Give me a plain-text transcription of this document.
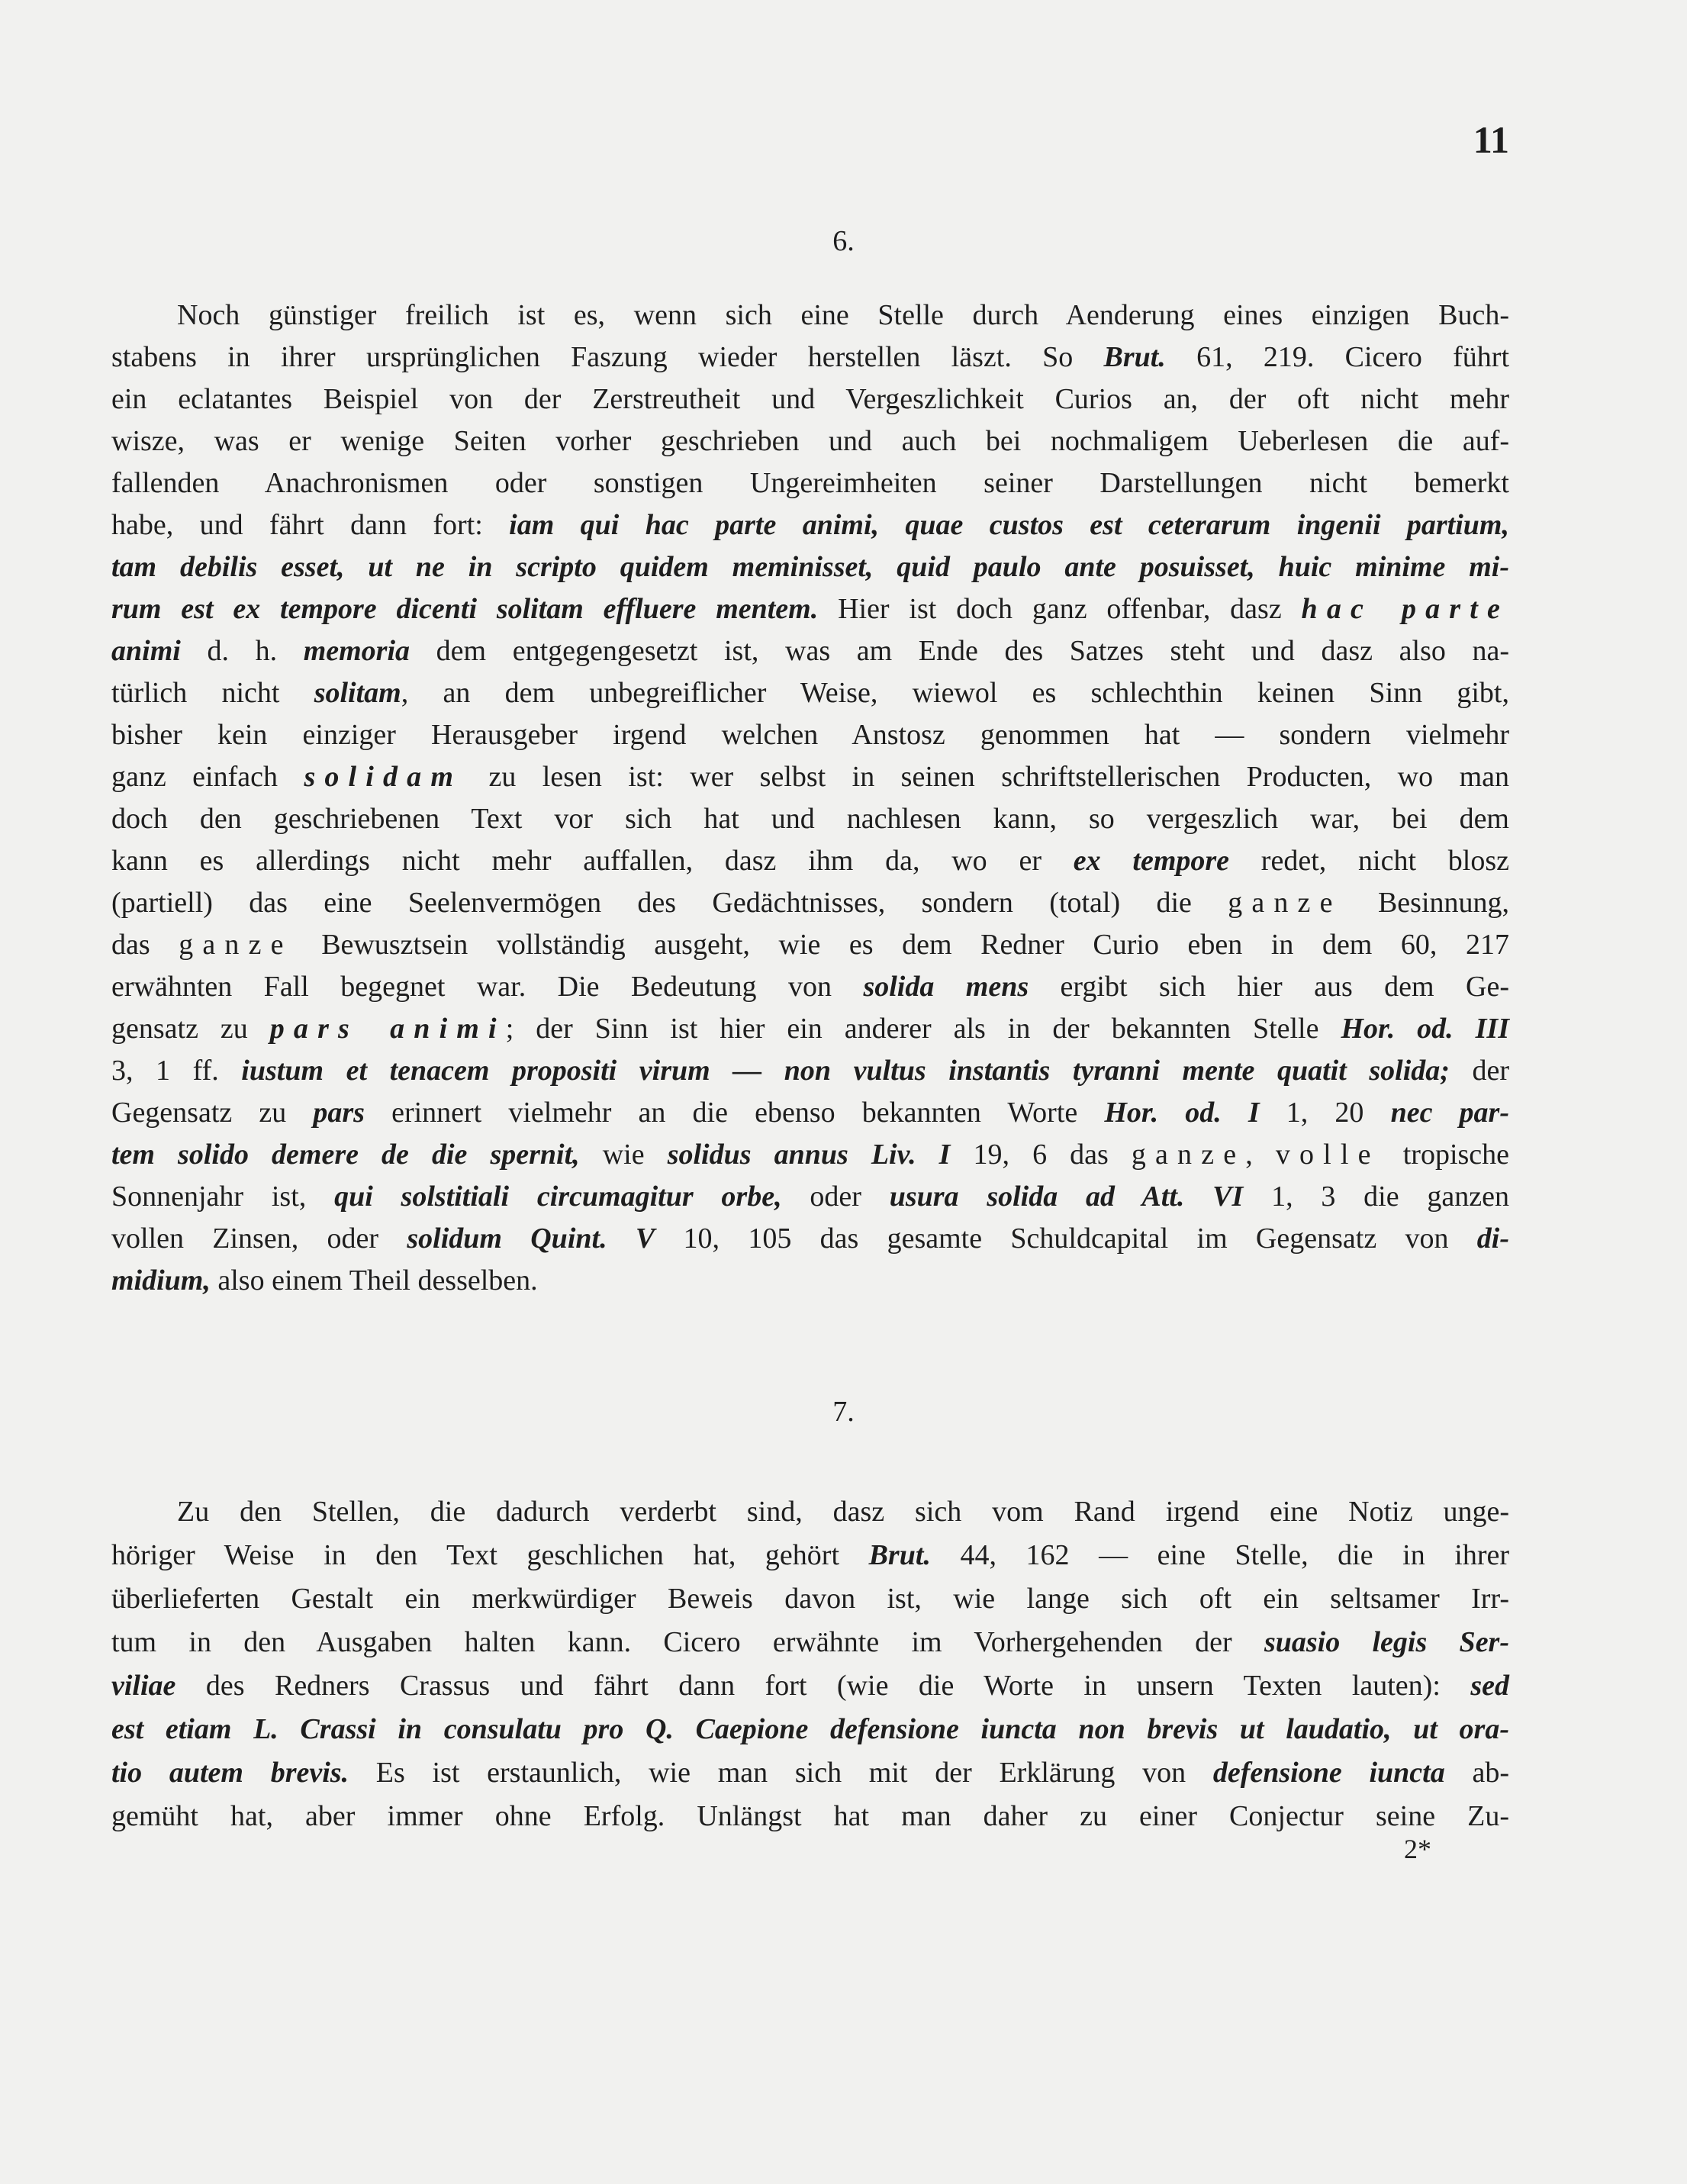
11
6.
Noch günstiger freilich ist es, wenn sich eine Stelle durch Aenderung eines einzigen Buch-
stabens in ihrer ursprünglichen Faszung wieder herstellen läszt. So Brut. 61, 219. Cicero führt
ein eclatantes Beispiel von der Zerstreutheit und Vergeszlichkeit Curios an, der oft nicht mehr
wisze, was er wenige Seiten vorher geschrieben und auch bei nochmaligem Ueberlesen die auf-
fallenden Anachronismen oder sonstigen Ungereimheiten seiner Darstellungen nicht bemerkt
habe, und fährt dann fort: iam qui hac parte animi, quae custos est ceterarum ingenii partium,
tam debilis esset, ut ne in scripto quidem meminisset, quid paulo ante posuisset, huic minime mi-
rum est ex tempore dicenti solitam effluere mentem. Hier ist doch ganz offenbar, dasz hac parte
animi d. h. memoria dem entgegengesetzt ist, was am Ende des Satzes steht und dasz also na-
türlich nicht solitam, an dem unbegreiflicher Weise, wiewol es schlechthin keinen Sinn gibt,
bisher kein einziger Herausgeber irgend welchen Anstosz genommen hat — sondern vielmehr
ganz einfach solidam zu lesen ist: wer selbst in seinen schriftstellerischen Producten, wo man
doch den geschriebenen Text vor sich hat und nachlesen kann, so vergeszlich war, bei dem
kann es allerdings nicht mehr auffallen, dasz ihm da, wo er ex tempore redet, nicht blosz
(partiell) das eine Seelenvermögen des Gedächtnisses, sondern (total) die ganze Besinnung,
das ganze Bewusztsein vollständig ausgeht, wie es dem Redner Curio eben in dem 60, 217
erwähnten Fall begegnet war. Die Bedeutung von solida mens ergibt sich hier aus dem Ge-
gensatz zu pars animi; der Sinn ist hier ein anderer als in der bekannten Stelle Hor. od. III
3, 1 ff. iustum et tenacem propositi virum — non vultus instantis tyranni mente quatit solida; der
Gegensatz zu pars erinnert vielmehr an die ebenso bekannten Worte Hor. od. I 1, 20 nec par-
tem solido demere de die spernit, wie solidus annus Liv. I 19, 6 das ganze, volle tropische
Sonnenjahr ist, qui solstitiali circumagitur orbe, oder usura solida ad Att. VI 1, 3 die ganzen
vollen Zinsen, oder solidum Quint. V 10, 105 das gesamte Schuldcapital im Gegensatz von di-
midium, also einem Theil desselben.
7.
Zu den Stellen, die dadurch verderbt sind, dasz sich vom Rand irgend eine Notiz unge-
höriger Weise in den Text geschlichen hat, gehört Brut. 44, 162 — eine Stelle, die in ihrer
überlieferten Gestalt ein merkwürdiger Beweis davon ist, wie lange sich oft ein seltsamer Irr-
tum in den Ausgaben halten kann. Cicero erwähnte im Vorhergehenden der suasio legis Ser-
viliae des Redners Crassus und fährt dann fort (wie die Worte in unsern Texten lauten): sed
est etiam L. Crassi in consulatu pro Q. Caepione defensione iuncta non brevis ut laudatio, ut ora-
tio autem brevis. Es ist erstaunlich, wie man sich mit der Erklärung von defensione iuncta ab-
gemüht hat, aber immer ohne Erfolg. Unlängst hat man daher zu einer Conjectur seine Zu-
2*
